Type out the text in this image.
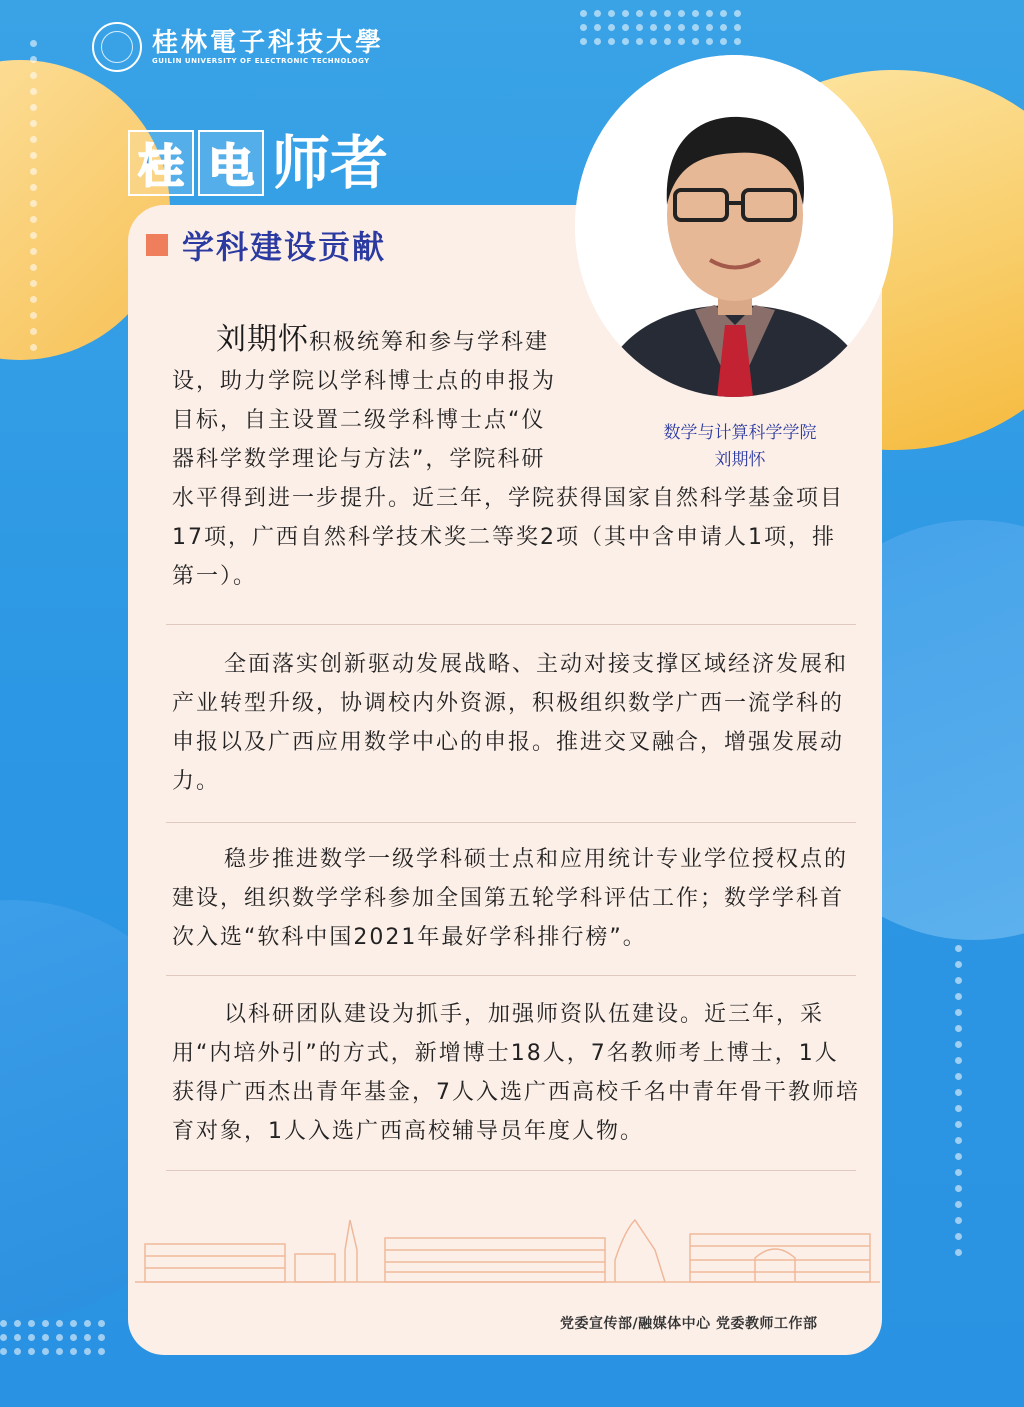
桂林電子科技大學
GUILIN UNIVERSITY OF ELECTRONIC TECHNOLOGY
桂 电 师者
学科建设贡献
数学与计算科学学院
刘期怀
刘期怀积极统筹和参与学科建
设，助力学院以学科博士点的申报为
目标，自主设置二级学科博士点“仪
器科学数学理论与方法”，学院科研
水平得到进一步提升。近三年，学院获得国家自然科学基金项目17项，广西自然科学技术奖二等奖2项（其中含申请人1项，排第一）。
全面落实创新驱动发展战略、主动对接支撑区域经济发展和产业转型升级，协调校内外资源，积极组织数学广西一流学科的申报以及广西应用数学中心的申报。推进交叉融合，增强发展动力。
稳步推进数学一级学科硕士点和应用统计专业学位授权点的建设，组织数学学科参加全国第五轮学科评估工作；数学学科首次入选“软科中国2021年最好学科排行榜”。
以科研团队建设为抓手，加强师资队伍建设。近三年，采用“内培外引”的方式，新增博士18人，7名教师考上博士，1人获得广西杰出青年基金，7人入选广西高校千名中青年骨干教师培育对象，1人入选广西高校辅导员年度人物。
党委宣传部/融媒体中心 党委教师工作部
